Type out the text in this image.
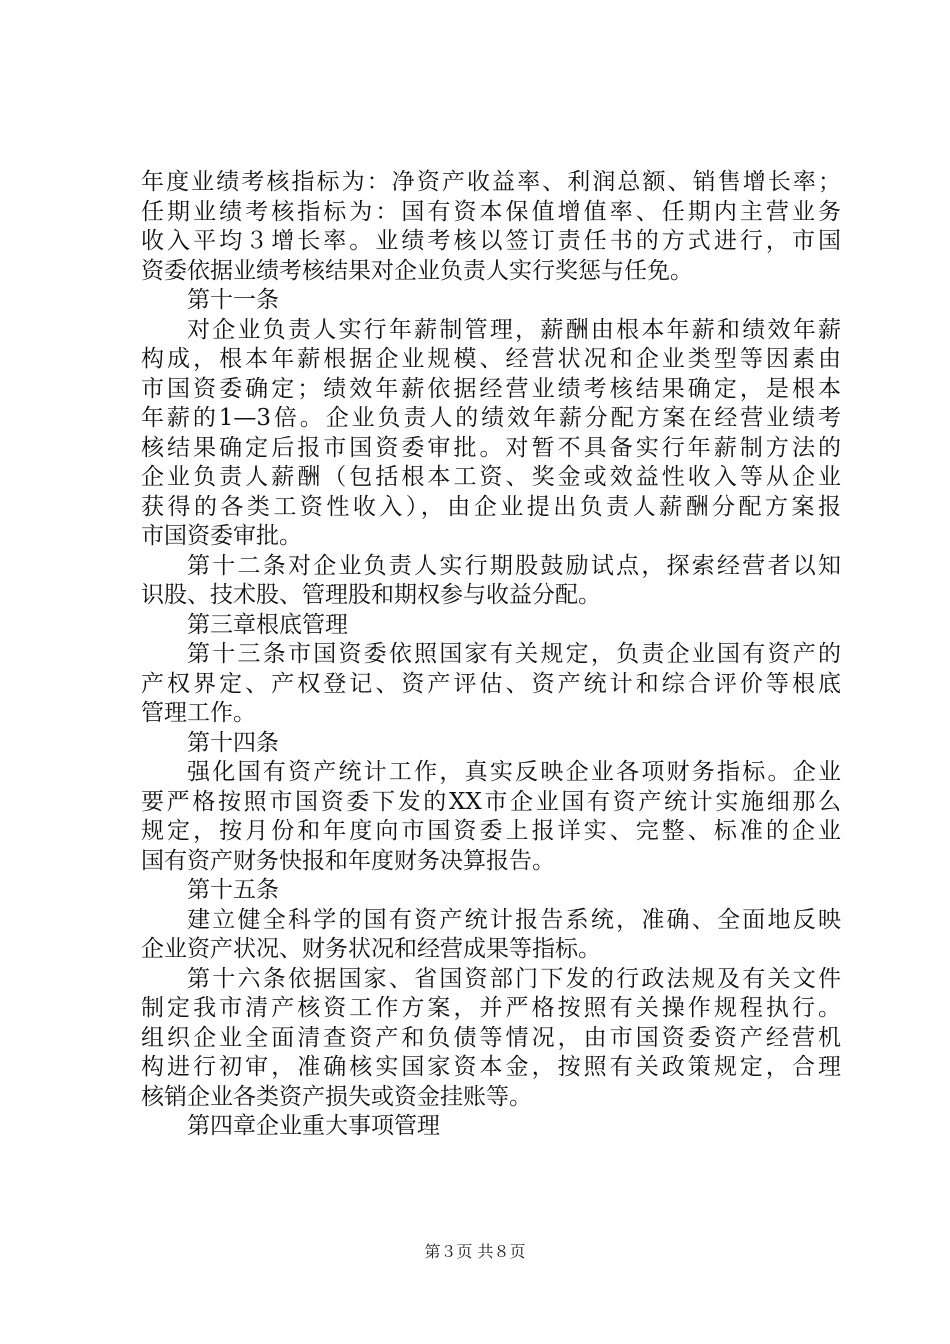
年度业绩考核指标为：净资产收益率、利润总额、销售增长率；
任期业绩考核指标为：国有资本保值增值率、任期内主营业务
收入平均３增长率。业绩考核以签订责任书的方式进行，市国
资委依据业绩考核结果对企业负责人实行奖惩与任免。
第十一条
对企业负责人实行年薪制管理，薪酬由根本年薪和绩效年薪
构成，根本年薪根据企业规模、经营状况和企业类型等因素由
市国资委确定；绩效年薪依据经营业绩考核结果确定，是根本
年薪的1—3倍。企业负责人的绩效年薪分配方案在经营业绩考
核结果确定后报市国资委审批。对暂不具备实行年薪制方法的
企业负责人薪酬（包括根本工资、奖金或效益性收入等从企业
获得的各类工资性收入），由企业提出负责人薪酬分配方案报
市国资委审批。
第十二条对企业负责人实行期股鼓励试点，探索经营者以知
识股、技术股、管理股和期权参与收益分配。
第三章根底管理
第十三条市国资委依照国家有关规定，负责企业国有资产的
产权界定、产权登记、资产评估、资产统计和综合评价等根底
管理工作。
第十四条
强化国有资产统计工作，真实反映企业各项财务指标。企业
要严格按照市国资委下发的XX市企业国有资产统计实施细那么
规定，按月份和年度向市国资委上报详实、完整、标准的企业
国有资产财务快报和年度财务决算报告。
第十五条
建立健全科学的国有资产统计报告系统，准确、全面地反映
企业资产状况、财务状况和经营成果等指标。
第十六条依据国家、省国资部门下发的行政法规及有关文件
制定我市清产核资工作方案，并严格按照有关操作规程执行。
组织企业全面清查资产和负债等情况，由市国资委资产经营机
构进行初审，准确核实国家资本金，按照有关政策规定，合理
核销企业各类资产损失或资金挂账等。
第四章企业重大事项管理
第３页 共８页
